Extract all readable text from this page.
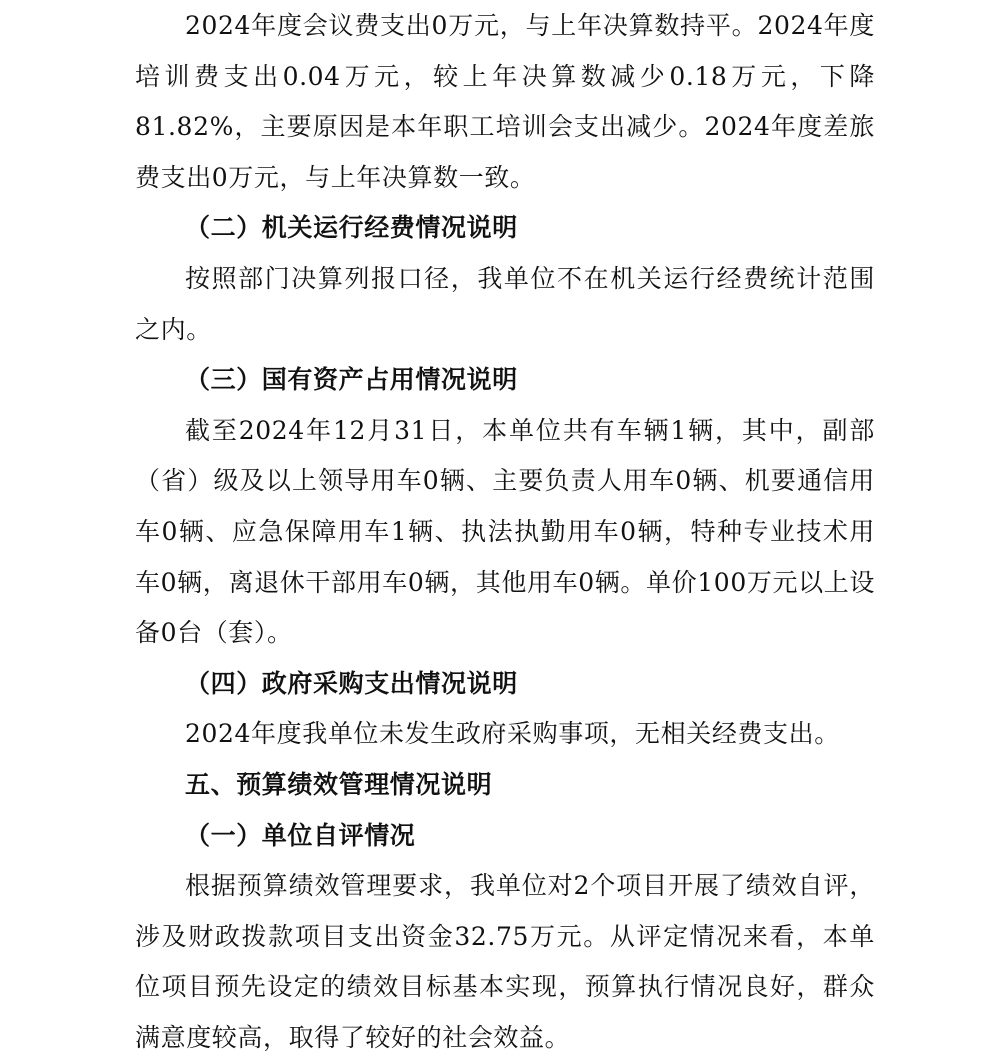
2024年度会议费支出0万元，与上年决算数持平。2024年度培训费支出0.04万元，较上年决算数减少0.18万元，下降81.82%，主要原因是本年职工培训会支出减少。2024年度差旅费支出0万元，与上年决算数一致。

（二）机关运行经费情况说明

按照部门决算列报口径，我单位不在机关运行经费统计范围之内。

（三）国有资产占用情况说明

截至2024年12月31日，本单位共有车辆1辆，其中，副部（省）级及以上领导用车0辆、主要负责人用车0辆、机要通信用车0辆、应急保障用车1辆、执法执勤用车0辆，特种专业技术用车0辆，离退休干部用车0辆，其他用车0辆。单价100万元以上设备0台（套）。

（四）政府采购支出情况说明

2024年度我单位未发生政府采购事项，无相关经费支出。

五、预算绩效管理情况说明

（一）单位自评情况

根据预算绩效管理要求，我单位对2个项目开展了绩效自评，涉及财政拨款项目支出资金32.75万元。从评定情况来看，本单位项目预先设定的绩效目标基本实现，预算执行情况良好，群众满意度较高，取得了较好的社会效益。
